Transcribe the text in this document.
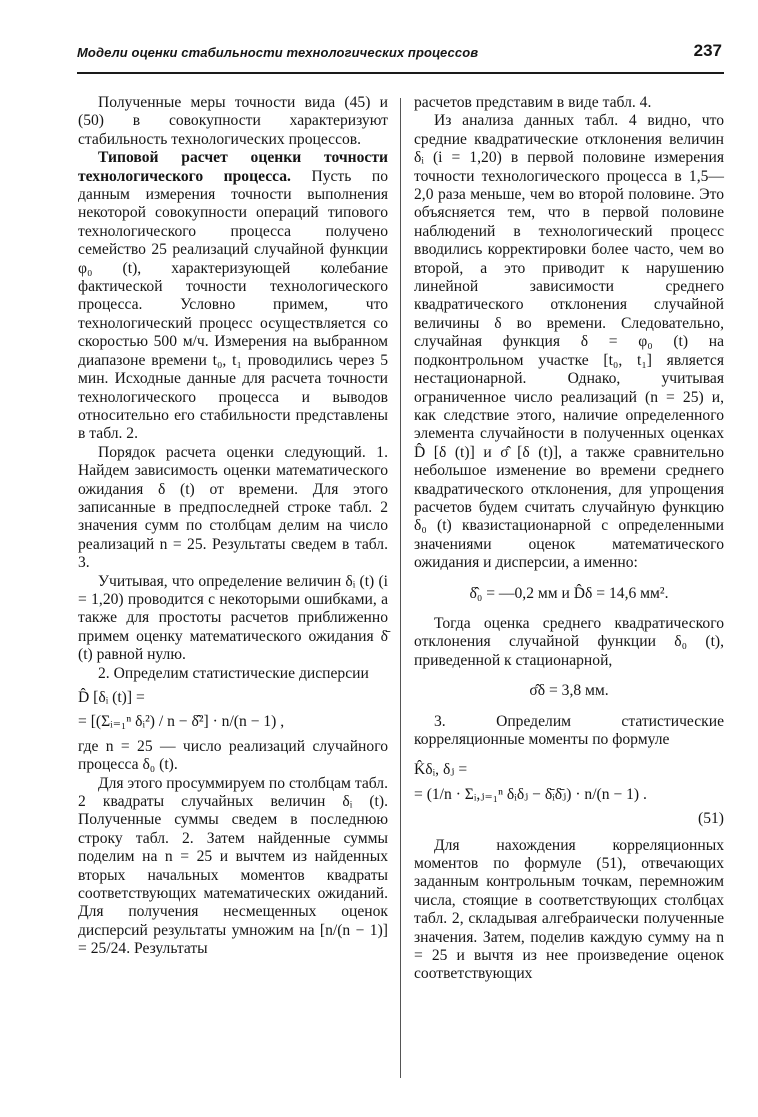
Модели оценки стабильности технологических процессов	237

Полученные меры точности вида (45) и (50) в совокупности характеризуют стабильность технологических процессов.

Типовой расчет оценки точности технологического процесса. Пусть по данным измерения точности выполнения некоторой совокупности операций типового технологического процесса получено семейство 25 реализаций случайной функции φ₀ (t), характеризующей колебание фактической точности технологического процесса. Условно примем, что технологический процесс осуществляется со скоростью 500 м/ч. Измерения на выбранном диапазоне времени t₀, t₁ проводились через 5 мин. Исходные данные для расчета точности технологического процесса и выводов относительно его стабильности представлены в табл. 2.

Порядок расчета оценки следующий. 1. Найдем зависимость оценки математического ожидания δ (t) от времени. Для этого записанные в предпоследней строке табл. 2 значения сумм по столбцам делим на число реализаций n = 25. Результаты сведем в табл. 3.

Учитывая, что определение величин δᵢ (t) (i = 1,20) проводится с некоторыми ошибками, а также для простоты расчетов приближенно примем оценку математического ожидания δ̄ (t) равной нулю.

2. Определим статистические дисперсии

D̂ [δᵢ (t)] =

= [(Σᵢ₌₁ⁿ δᵢ²) / n − δ̂²] · n/(n − 1) ,

где n = 25 — число реализаций случайного процесса δ₀ (t).

Для этого просуммируем по столбцам табл. 2 квадраты случайных величин δᵢ (t). Полученные суммы сведем в последнюю строку табл. 2. Затем найденные суммы поделим на n = 25 и вычтем из найденных вторых начальных моментов квадраты соответствующих математических ожиданий. Для получения несмещенных оценок дисперсий результаты умножим на [n/(n − 1)] = 25/24. Результаты

расчетов представим в виде табл. 4.

Из анализа данных табл. 4 видно, что средние квадратические отклонения величин δᵢ (i = 1,20) в первой половине измерения точности технологического процесса в 1,5—2,0 раза меньше, чем во второй половине. Это объясняется тем, что в первой половине наблюдений в технологический процесс вводились корректировки более часто, чем во второй, а это приводит к нарушению линейной зависимости среднего квадратического отклонения случайной величины δ во времени. Следовательно, случайная функция δ = φ₀ (t) на подконтрольном участке [t₀, t₁] является нестационарной. Однако, учитывая ограниченное число реализаций (n = 25) и, как следствие этого, наличие определенного элемента случайности в полученных оценках D̂ [δ (t)] и σ̂ [δ (t)], а также сравнительно небольшое изменение во времени среднего квадратического отклонения, для упрощения расчетов будем считать случайную функцию δ₀ (t) квазистационарной с определенными значениями оценок математического ожидания и дисперсии, а именно:

δ̂₀ = —0,2 мм и D̂δ = 14,6 мм².

Тогда оценка среднего квадратического отклонения случайной функции δ₀ (t), приведенной к стационарной,

σ̂δ = 3,8 мм.

3. Определим статистические корреляционные моменты по формуле

K̂δᵢ, δⱼ =

= (1/n · Σᵢ,ⱼ₌₁ⁿ δᵢδⱼ − δ̄ᵢδ̄ⱼ) · n/(n − 1) .

(51)

Для нахождения корреляционных моментов по формуле (51), отвечающих заданным контрольным точкам, перемножим числа, стоящие в соответствующих столбцах табл. 2, складывая алгебраически полученные значения. Затем, поделив каждую сумму на n = 25 и вычтя из нее произведение оценок соответствующих
